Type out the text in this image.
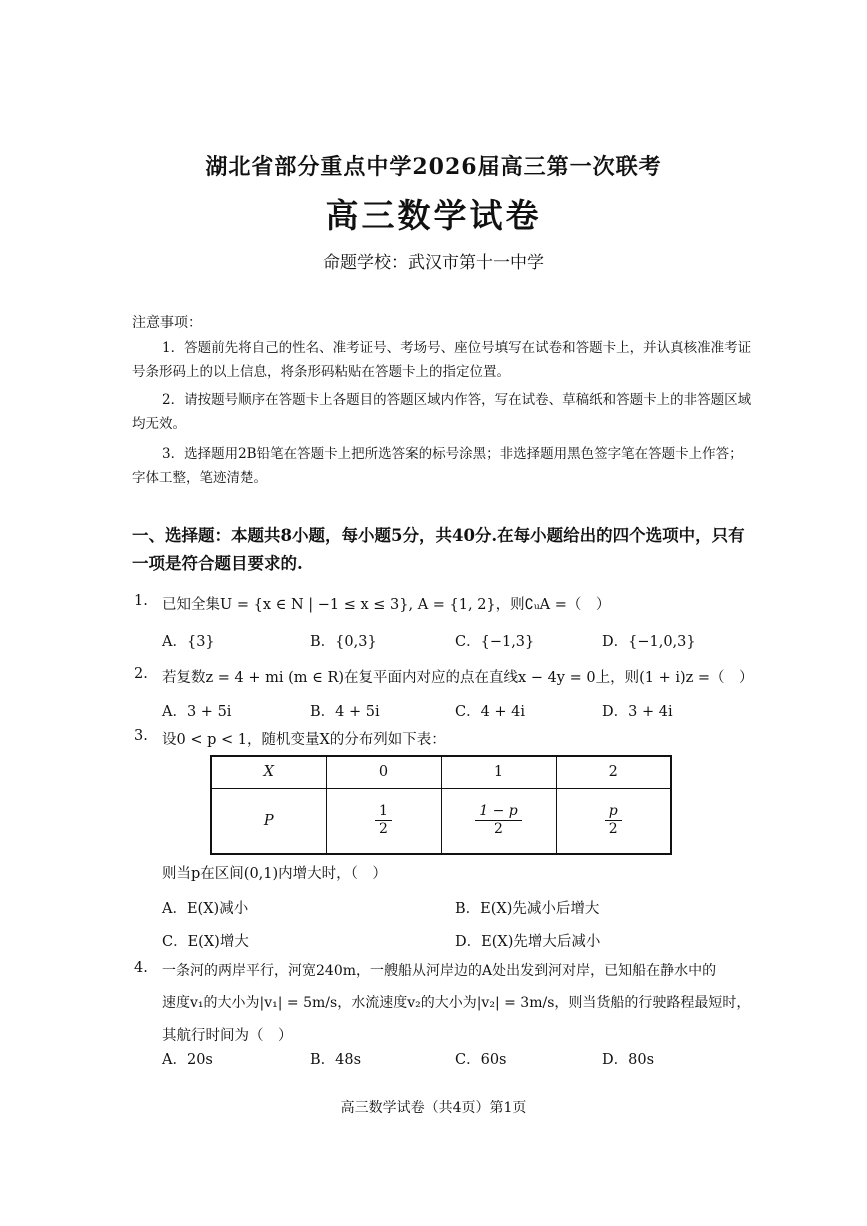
湖北省部分重点中学2026届高三第一次联考
高三数学试卷
命题学校：武汉市第十一中学
注意事项：
1．答题前先将自己的性名、准考证号、考场号、座位号填写在试卷和答题卡上，并认真核准准考证号条形码上的以上信息，将条形码粘贴在答题卡上的指定位置。
2．请按题号顺序在答题卡上各题目的答题区域内作答，写在试卷、草稿纸和答题卡上的非答题区域均无效。
3．选择题用2B铅笔在答题卡上把所选答案的标号涂黑；非选择题用黑色签字笔在答题卡上作答；字体工整，笔迹清楚。
一、选择题：本题共8小题，每小题5分，共40分.在每小题给出的四个选项中，只有一项是符合题目要求的.
1. 已知全集U = {x ∈ N | −1 ≤ x ≤ 3}, A = {1, 2}，则∁ᵤA =（　）
A．{3}	B．{0,3}	C．{−1,3}	D．{−1,0,3}
2. 若复数z = 4 + mi (m ∈ R)在复平面内对应的点在直线x − 4y = 0上，则(1 + i)z =（　）
A．3 + 5i	B．4 + 5i	C．4 + 4i	D．3 + 4i
3. 设0 < p < 1，随机变量X的分布列如下表：
X	0	1	2
P	$\frac{1}{2}$	$\frac{1 - p}{2}$	$\frac{p}{2}$
则当p在区间(0,1)内增大时，（　）
A．E(X)减小	B．E(X)先减小后增大
C．E(X)增大	D．E(X)先增大后减小
4. 一条河的两岸平行，河宽240m，一艘船从河岸边的A处出发到河对岸，已知船在静水中的
速度v₁的大小为|v₁| = 5m/s，水流速度v₂的大小为|v₂| = 3m/s，则当货船的行驶路程最短时，
其航行时间为（　）
A．20s	B．48s	C．60s	D．80s
高三数学试卷（共4页）第1页
